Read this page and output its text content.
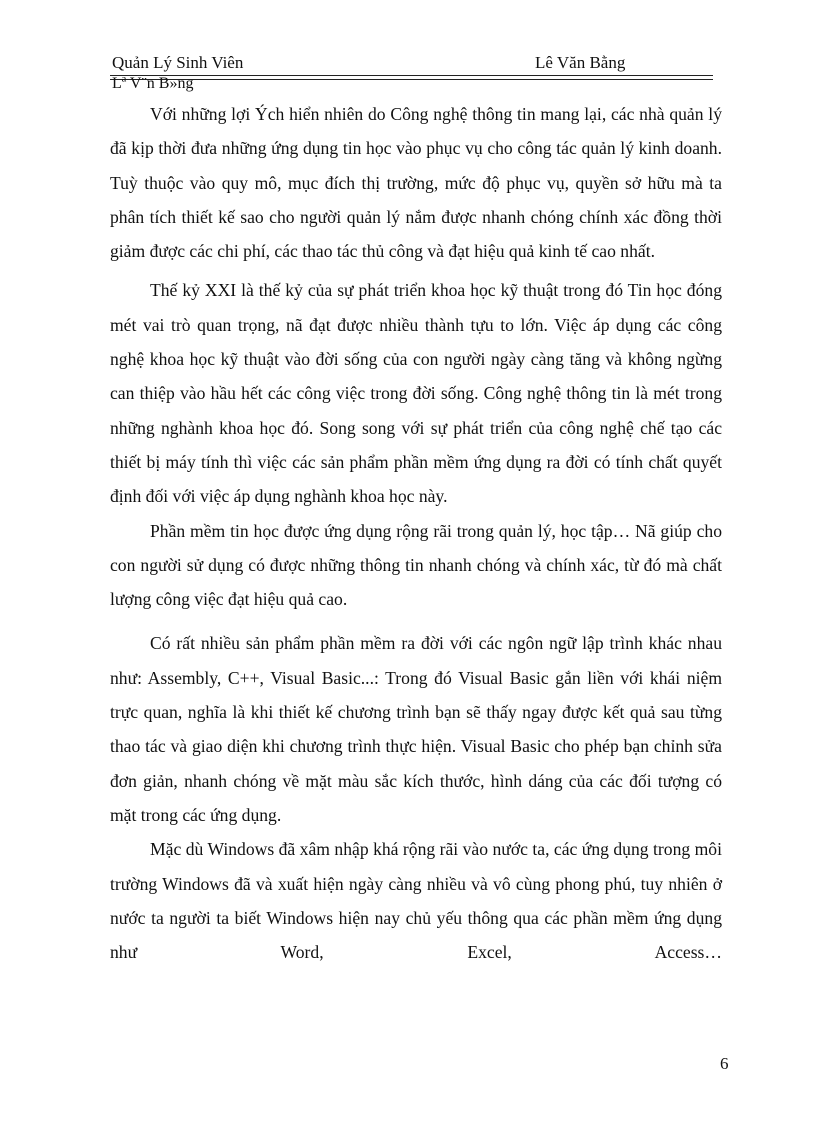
Quản Lý Sinh Viên	Lê Văn Bằng
Lª V¨n B»ng

Với những lợi Ých hiển nhiên do Công nghệ thông tin mang lại, các nhà quản lý đã kịp thời đưa những ứng dụng tin học vào phục vụ cho công tác quản lý kinh doanh. Tuỳ thuộc vào quy mô, mục đích thị trường, mức độ phục vụ, quyền sở hữu mà ta phân tích thiết kế sao cho người quản lý nắm được nhanh chóng chính xác đồng thời giảm được các chi phí, các thao tác thủ công và đạt hiệu quả kinh tế cao nhất.

Thế kỷ XXI là thế kỷ của sự phát triển khoa học kỹ thuật trong đó Tin học đóng mét vai trò quan trọng, nã đạt được nhiều thành tựu to lớn. Việc áp dụng các công nghệ khoa học kỹ thuật vào đời sống của con người ngày càng tăng và không ngừng can thiệp vào hầu hết các công việc trong đời sống. Công nghệ thông tin là mét trong những nghành khoa học đó. Song song với sự phát triển của công nghệ chế tạo các thiết bị máy tính thì việc các sản phẩm phần mềm ứng dụng ra đời có tính chất quyết định đối với việc áp dụng nghành khoa học này.

Phần mềm tin học được ứng dụng rộng rãi trong quản lý, học tập… Nã giúp cho con người sử dụng có được những thông tin nhanh chóng và chính xác, từ đó mà chất lượng công việc đạt hiệu quả cao.

Có rất nhiều sản phẩm phần mềm ra đời với các ngôn ngữ lập trình khác nhau như: Assembly, C++, Visual Basic...: Trong đó Visual Basic gắn liền với khái niệm trực quan, nghĩa là khi thiết kế chương trình bạn sẽ thấy ngay được kết quả sau từng thao tác và giao diện khi chương trình thực hiện. Visual Basic cho phép bạn chỉnh sửa đơn giản, nhanh chóng về mặt màu sắc kích thước, hình dáng của các đối tượng có mặt trong các ứng dụng.

Mặc dù Windows đã xâm nhập khá rộng rãi vào nước ta, các ứng dụng trong môi trường Windows đã và xuất hiện ngày càng nhiều và vô cùng phong phú, tuy nhiên ở nước ta người ta biết Windows hiện nay chủ yếu thông qua các phần mềm ứng dụng như Word, Excel, Access…

6
